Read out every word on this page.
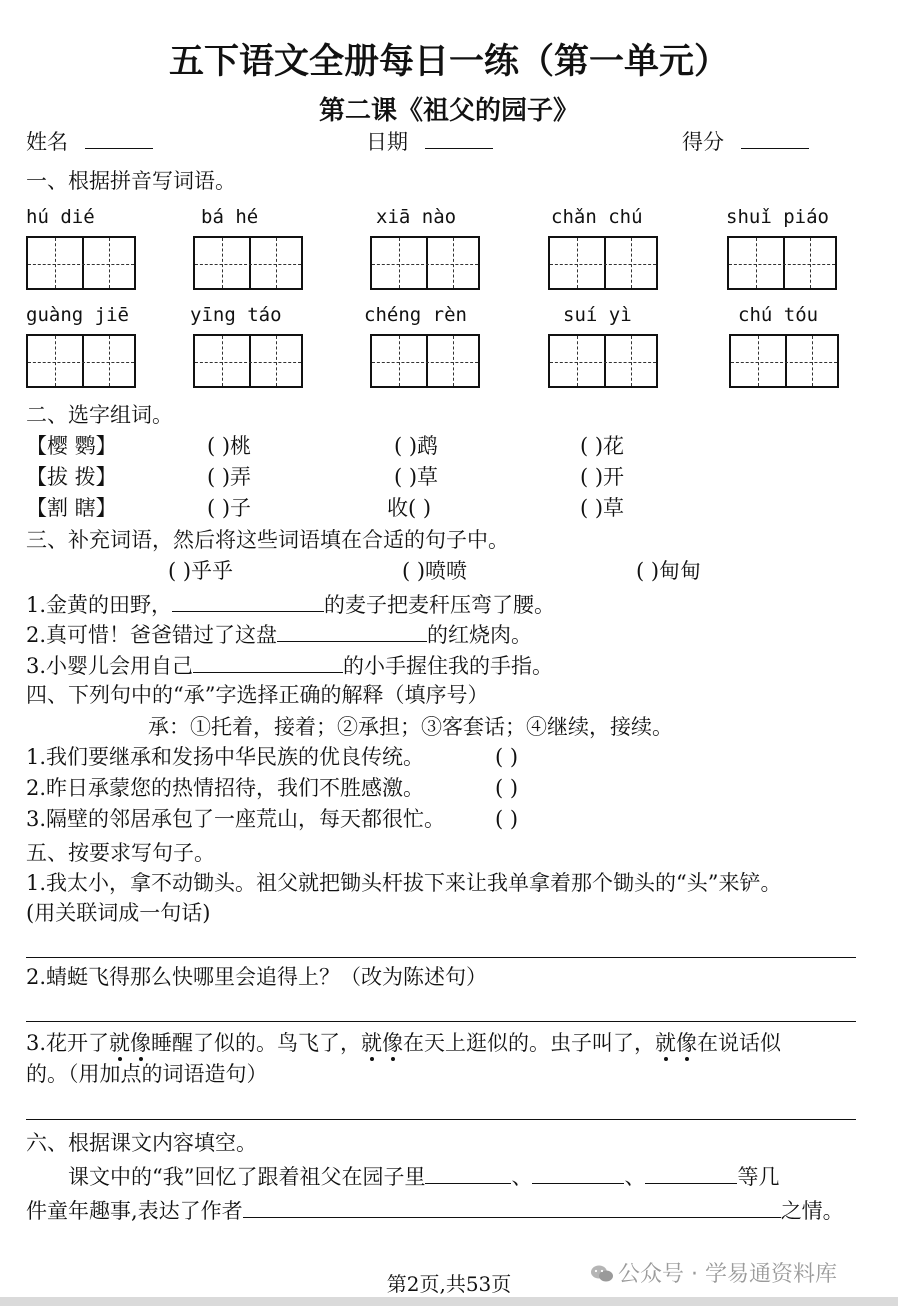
五下语文全册每日一练（第一单元）
第二课《祖父的园子》
姓名	日期	得分
一、根据拼音写词语。
hú dié	bá hé	xiā nào	chǎn chú	shuǐ piáo
guàng jiē	yīng táo	chéng rèn	suí yì	chú tóu
二、选字组词。
【樱 鹦】	( )桃	( )鹉	( )花
【拔 拨】	( )弄	( )草	( )开
【割 瞎】	( )子	收( )	( )草
三、补充词语，然后将这些词语填在合适的句子中。
( )乎乎	( )喷喷	( )甸甸
1.金黄的田野，	的麦子把麦秆压弯了腰。
2.真可惜！爸爸错过了这盘	的红烧肉。
3.小婴儿会用自己	的小手握住我的手指。
四、下列句中的“承”字选择正确的解释（填序号）
承：①托着，接着；②承担；③客套话；④继续，接续。
1.我们要继承和发扬中华民族的优良传统。	( )
2.昨日承蒙您的热情招待，我们不胜感激。	( )
3.隔壁的邻居承包了一座荒山，每天都很忙。 ( )
五、按要求写句子。
1.我太小，拿不动锄头。祖父就把锄头杆拔下来让我单拿着那个锄头的“头”来铲。
(用关联词成一句话)
2.蜻蜓飞得那么快哪里会追得上？（改为陈述句）
3.花开了就像睡醒了似的。鸟飞了，就像在天上逛似的。虫子叫了，就像在说话似
的。（用加点的词语造句）
六、根据课文内容填空。
课文中的“我”回忆了跟着祖父在园子里	、	、	等几
件童年趣事,表达了作者	之情。
第2页,共53页	公众号 · 学易通资料库
